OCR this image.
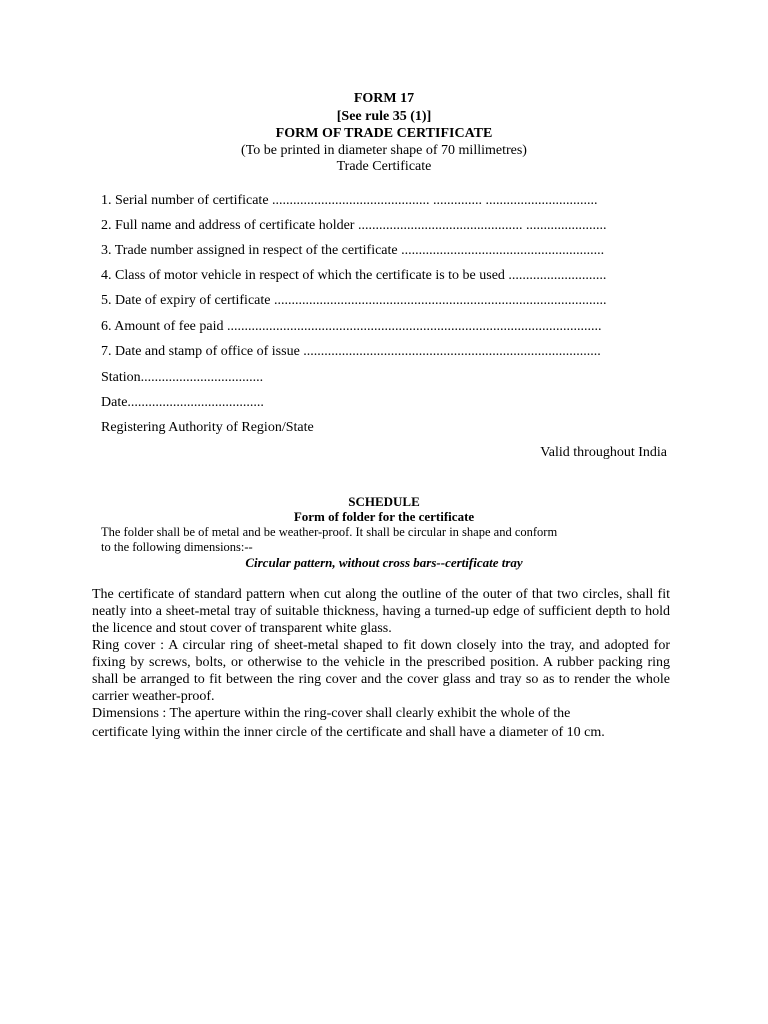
FORM 17
[See rule 35 (1)]
FORM OF TRADE CERTIFICATE
(To be printed in diameter shape of 70 millimetres)
Trade Certificate
1. Serial number of certificate ............................................. .............. ................................
2. Full name and address of certificate holder ............................................... .......................
3. Trade number assigned in respect of the certificate ..........................................................
4. Class of motor vehicle in respect of which the certificate is to be used ............................
5. Date of expiry of certificate ...............................................................................................
6. Amount of fee paid ...........................................................................................................
7. Date and stamp of office of issue .....................................................................................
Station...................................
Date.......................................
Registering Authority of Region/State
Valid throughout India
SCHEDULE
Form of folder for the certificate
The folder shall be of metal and be weather-proof. It shall be circular in shape and conform
to the following dimensions:--
Circular pattern, without cross bars--certificate tray
The certificate of standard pattern when cut along the outline of the outer of that two circles, shall fit neatly into a sheet-metal tray of suitable thickness, having a turned-up edge of sufficient depth to hold the licence and stout cover of transparent white glass.
Ring cover : A circular ring of sheet-metal shaped to fit down closely into the tray, and adopted for fixing by screws, bolts, or otherwise to the vehicle in the prescribed position. A rubber packing ring shall be arranged to fit between the ring cover and the cover glass and tray so as to render the whole carrier weather-proof.
Dimensions : The aperture within the ring-cover shall clearly exhibit the whole of the
certificate lying within the inner circle of the certificate and shall have a diameter of 10 cm.
